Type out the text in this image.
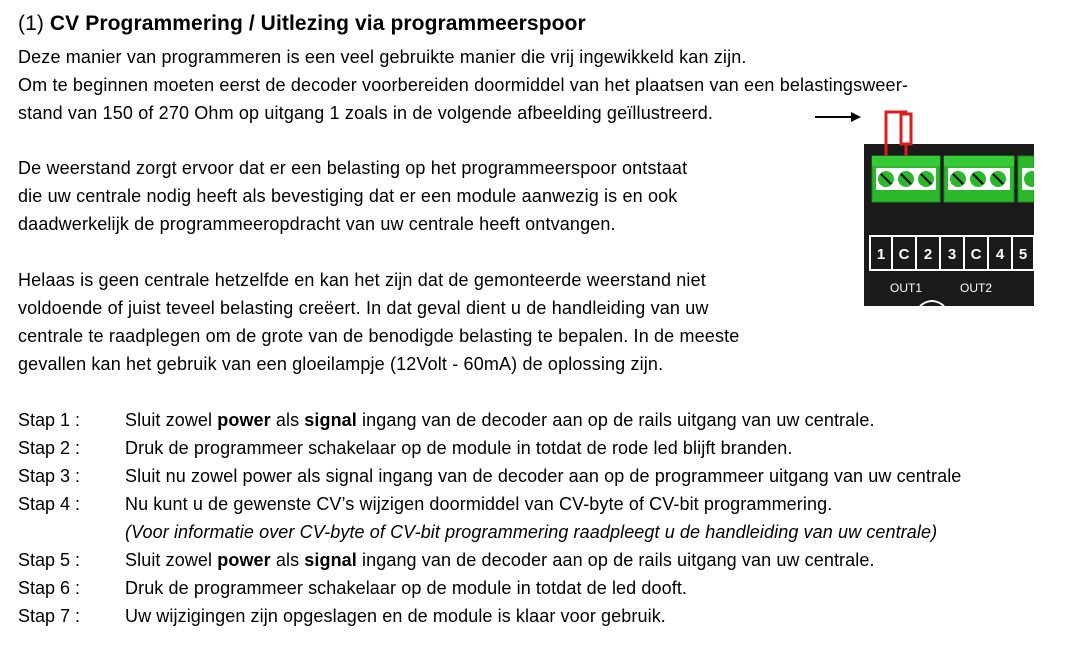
(1) CV Programmering / Uitlezing via programmeerspoor
Deze manier van programmeren is een veel gebruikte manier die vrij ingewikkeld kan zijn.
Om te beginnen moeten eerst de decoder voorbereiden doormiddel van het plaatsen van een belastingsweer-
stand van 150 of 270 Ohm op uitgang 1 zoals in de volgende afbeelding geïllustreerd.
De weerstand zorgt ervoor dat er een belasting op het programmeerspoor ontstaat
die uw centrale nodig heeft als bevestiging dat er een module aanwezig is en ook
daadwerkelijk de programmeeropdracht van uw centrale heeft ontvangen.
Helaas is geen centrale hetzelfde en kan het zijn dat de gemonteerde weerstand niet
voldoende of juist teveel belasting creëert. In dat geval dient u de handleiding van uw
centrale te raadplegen om de grote van de benodigde belasting te bepalen. In de meeste
gevallen kan het gebruik van een gloeilampje (12Volt - 60mA) de oplossing zijn.
Stap 1 : Sluit zowel power als signal ingang van de decoder aan op de rails uitgang van uw centrale.
Stap 2 : Druk de programmeer schakelaar op de module in totdat de rode led blijft branden.
Stap 3 : Sluit nu zowel power als signal ingang van de decoder aan op de programmeer uitgang van uw centrale
Stap 4 : Nu kunt u de gewenste CV’s wijzigen doormiddel van CV-byte of CV-bit programmering.
(Voor informatie over CV-byte of CV-bit programmering raadpleegt u de handleiding van uw centrale)
Stap 5 : Sluit zowel power als signal ingang van de decoder aan op de rails uitgang van uw centrale.
Stap 6 : Druk de programmeer schakelaar op de module in totdat de led dooft.
Stap 7 : Uw wijzigingen zijn opgeslagen en de module is klaar voor gebruik.
1 C 2 3 C 4 5
OUT1	OUT2
